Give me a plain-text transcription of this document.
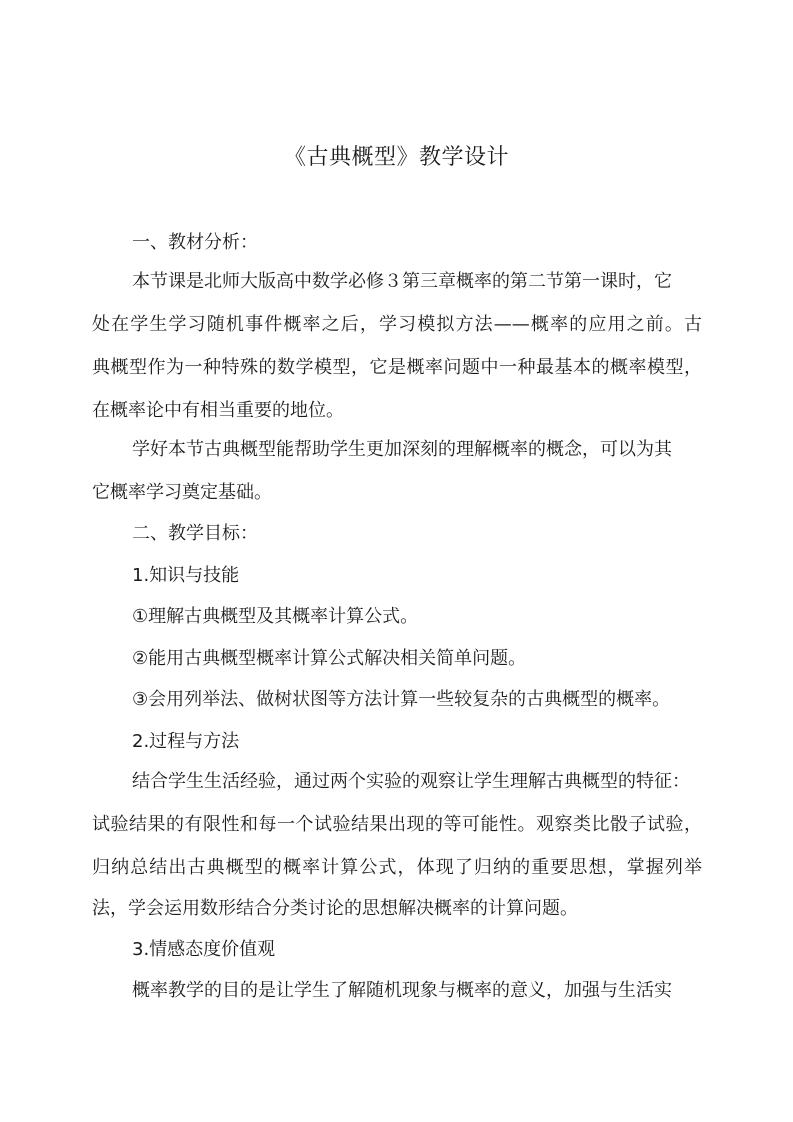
《古典概型》教学设计
一、教材分析：
本节课是北师大版高中数学必修３第三章概率的第二节第一课时，它
处在学生学习随机事件概率之后，学习模拟方法——概率的应用之前。古
典概型作为一种特殊的数学模型，它是概率问题中一种最基本的概率模型，
在概率论中有相当重要的地位。
学好本节古典概型能帮助学生更加深刻的理解概率的概念，可以为其
它概率学习奠定基础。
二、教学目标：
1.知识与技能
①理解古典概型及其概率计算公式。
②能用古典概型概率计算公式解决相关简单问题。
③会用列举法、做树状图等方法计算一些较复杂的古典概型的概率。
2.过程与方法
结合学生生活经验，通过两个实验的观察让学生理解古典概型的特征：
试验结果的有限性和每一个试验结果出现的等可能性。观察类比骰子试验，
归纳总结出古典概型的概率计算公式，体现了归纳的重要思想，掌握列举
法，学会运用数形结合分类讨论的思想解决概率的计算问题。
3.情感态度价值观
概率教学的目的是让学生了解随机现象与概率的意义，加强与生活实
